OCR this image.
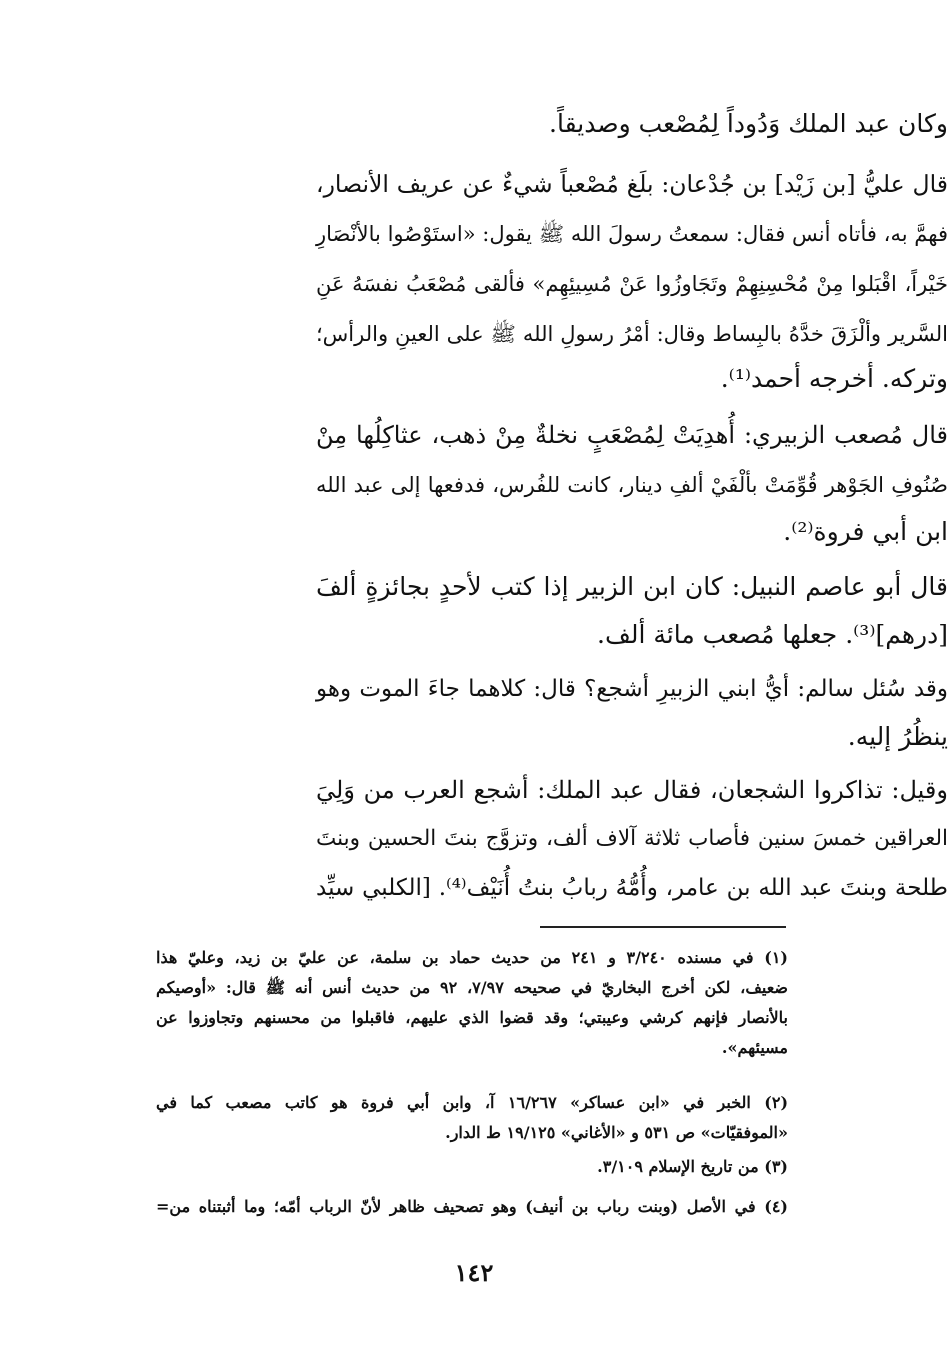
وكان عبد الملك وَدُوداً لِمُصْعب وصديقاً.
قال عليُّ [بن زَيْد] بن جُدْعان: بلَغ مُصْعباً شيءٌ عن عريف الأنصار،
فهمَّ به، فأتاه أنس فقال: سمعتُ رسولَ الله ﷺ يقول: «استَوْصُوا بالأنْصَارِ
خَيْراً، اقْبَلوا مِنْ مُحْسِنِهِمْ وتَجَاوزُوا عَنْ مُسِيئِهِم» فألقى مُصْعَبُ نفسَهُ عَنِ
السَّرير وألْزَقَ خدَّهُ بالبِساط وقال: أمْرُ رسولِ الله ﷺ على العينِ والرأس؛
وتركه. أخرجه أحمد⁽¹⁾.
قال مُصعب الزبيري: أُهدِيَتْ لِمُصْعَبٍ نخلةٌ مِنْ ذهب، عثاكِلُها مِنْ
صُنُوفِ الجَوْهر قُوِّمَتْ بألْفَيْ ألفِ دينار، كانت للفُرس، فدفعها إلى عبد الله
ابن أبي فروة⁽²⁾.
قال أبو عاصم النبيل: كان ابن الزبير إذا كتب لأحدٍ بجائزةٍ ألفَ
[درهم]⁽³⁾. جعلها مُصعب مائة ألف.
وقد سُئل سالم: أيُّ ابني الزبيرِ أشجع؟ قال: كلاهما جاءَ الموت وهو
ينظُرُ إليه.
وقيل: تذاكروا الشجعان، فقال عبد الملك: أشجع العرب من وَلِيَ
العراقين خمسَ سنين فأصاب ثلاثة آلاف ألف، وتزوَّج بنتَ الحسين وبنتَ
طلحة وبنتَ عبد الله بن عامر، وأُمُّهُ ربابُ بنتُ أُنَيْف⁽⁴⁾. [الكلبي سيِّد
(١) في مسنده ٣/٢٤٠ و ٢٤١ من حديث حماد بن سلمة، عن عليّ بن زيد، وعليّ هذا
ضعيف، لكن أخرج البخاريّ في صحيحه ٧/٩٧، ٩٢ من حديث أنس أنه ﷺ قال: «أوصيكم
بالأنصار فإنهم كرشي وعيبتي؛ وقد قضوا الذي عليهم، فاقبلوا من محسنهم وتجاوزوا عن
مسيئهم».
(٢) الخبر في «ابن عساكر» ١٦/٢٦٧ آ، وابن أبي فروة هو كاتب مصعب كما في
«الموفقيّات» ص ٥٣١ و «الأغاني» ١٩/١٢٥ ط الدار.
(٣) من تاريخ الإسلام ٣/١٠٩.
(٤) في الأصل (وبنت رباب بن أنيف) وهو تصحيف ظاهر لأنّ الرباب أمّه؛ وما أثبتناه من=
١٤٢
